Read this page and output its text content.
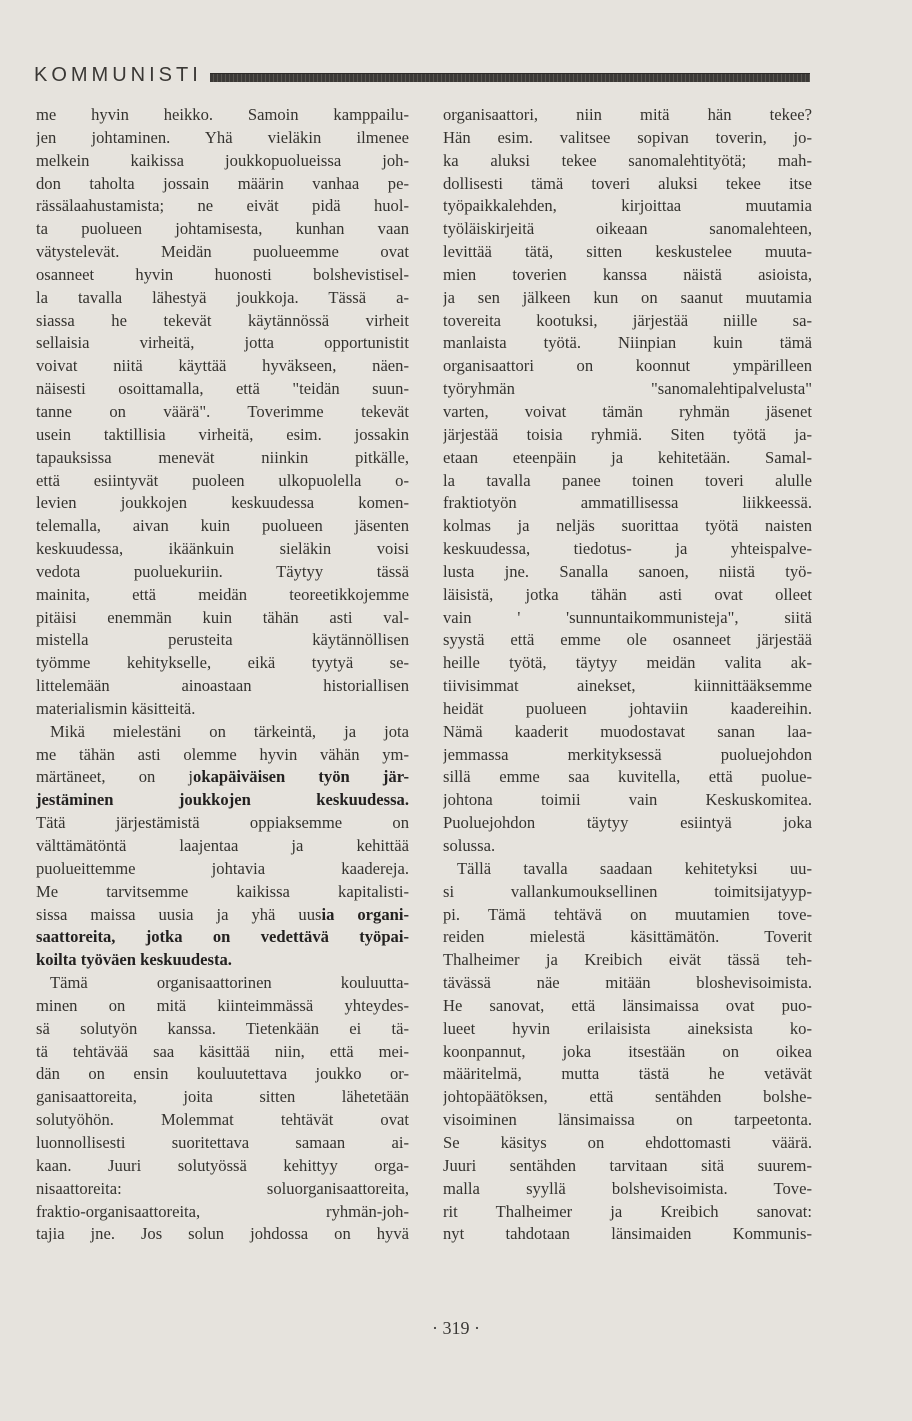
KOMMUNISTI
me hyvin heikko. Samoin kamppailu-
jen johtaminen. Yhä vieläkin ilmenee
melkein kaikissa joukkopuolueissa joh-
don taholta jossain määrin vanhaa pe-
rässälaahustamista; ne eivät pidä huol-
ta puolueen johtamisesta, kunhan vaan
vätystelevät. Meidän puolueemme ovat
osanneet hyvin huonosti bolshevistisel-
la tavalla lähestyä joukkoja. Tässä a-
siassa he tekevät käytännössä virheit
sellaisia virheitä, jotta opportunistit
voivat niitä käyttää hyväkseen, näen-
näisesti osoittamalla, että "teidän suun-
tanne on väärä". Toverimme tekevät
usein taktillisia virheitä, esim. jossakin
tapauksissa menevät niinkin pitkälle,
että esiintyvät puoleen ulkopuolella o-
levien joukkojen keskuudessa komen-
telemalla, aivan kuin puolueen jäsenten
keskuudessa, ikäänkuin sieläkin voisi
vedota puoluekuriin. Täytyy tässä
mainita, että meidän teoreetikkojemme
pitäisi enemmän kuin tähän asti val-
mistella perusteita käytännöllisen
työmme kehitykselle, eikä tyytyä se-
littelemään ainoastaan historiallisen
materialismin käsitteitä.
Mikä mielestäni on tärkeintä, ja jota
me tähän asti olemme hyvin vähän ym-
märtäneet, on jokapäiväisen työn jär-
jestäminen joukkojen keskuudessa.
Tätä järjestämistä oppiaksemme on
välttämätöntä laajentaa ja kehittää
puolueittemme johtavia kaadereja.
Me tarvitsemme kaikissa kapitalisti-
sissa maissa uusia ja yhä uusia organi-
saattoreita, jotka on vedettävä työpai-
koilta työväen keskuudesta.
Tämä organisaattorinen kouluutta-
minen on mitä kiinteimmässä yhteydes-
sä solutyön kanssa. Tietenkään ei tä-
tä tehtävää saa käsittää niin, että mei-
dän on ensin kouluutettava joukko or-
ganisaattoreita, joita sitten lähetetään
solutyöhön. Molemmat tehtävät ovat
luonnollisesti suoritettava samaan ai-
kaan. Juuri solutyössä kehittyy orga-
nisaattoreita: soluorganisaattoreita,
fraktio-organisaattoreita, ryhmän-joh-
tajia jne. Jos solun johdossa on hyvä
organisaattori, niin mitä hän tekee?
Hän esim. valitsee sopivan toverin, jo-
ka aluksi tekee sanomalehtityötä; mah-
dollisesti tämä toveri aluksi tekee itse
työpaikkalehden, kirjoittaa muutamia
työläiskirjeitä oikeaan sanomalehteen,
levittää tätä, sitten keskustelee muuta-
mien toverien kanssa näistä asioista,
ja sen jälkeen kun on saanut muutamia
tovereita kootuksi, järjestää niille sa-
manlaista työtä. Niinpian kuin tämä
organisaattori on koonnut ympärilleen
työryhmän "sanomalehtipalvelusta"
varten, voivat tämän ryhmän jäsenet
järjestää toisia ryhmiä. Siten työtä ja-
etaan eteenpäin ja kehitetään. Samal-
la tavalla panee toinen toveri alulle
fraktiotyön ammatillisessa liikkeessä.
kolmas ja neljäs suorittaa työtä naisten
keskuudessa, tiedotus- ja yhteispalve-
lusta jne. Sanalla sanoen, niistä työ-
läisistä, jotka tähän asti ovat olleet
vain ' 'sunnuntaikommunisteja", siitä
syystä että emme ole osanneet järjestää
heille työtä, täytyy meidän valita ak-
tiivisimmat ainekset, kiinnittääksemme
heidät puolueen johtaviin kaadereihin.
Nämä kaaderit muodostavat sanan laa-
jemmassa merkityksessä puoluejohdon
sillä emme saa kuvitella, että puolue-
johtona toimii vain Keskuskomitea.
Puoluejohdon täytyy esiintyä joka
solussa.
Tällä tavalla saadaan kehitetyksi uu-
si vallankumouksellinen toimitsijatyyp-
pi. Tämä tehtävä on muutamien tove-
reiden mielestä käsittämätön. Toverit
Thalheimer ja Kreibich eivät tässä teh-
tävässä näe mitään bloshevisoimista.
He sanovat, että länsimaissa ovat puo-
lueet hyvin erilaisista aineksista ko-
koonpannut, joka itsestään on oikea
määritelmä, mutta tästä he vetävät
johtopäätöksen, että sentähden bolshe-
visoiminen länsimaissa on tarpeetonta.
Se käsitys on ehdottomasti väärä.
Juuri sentähden tarvitaan sitä suurem-
malla syyllä bolshevisoimista. Tove-
rit Thalheimer ja Kreibich sanovat:
nyt tahdotaan länsimaiden Kommunis-
· 319 ·
